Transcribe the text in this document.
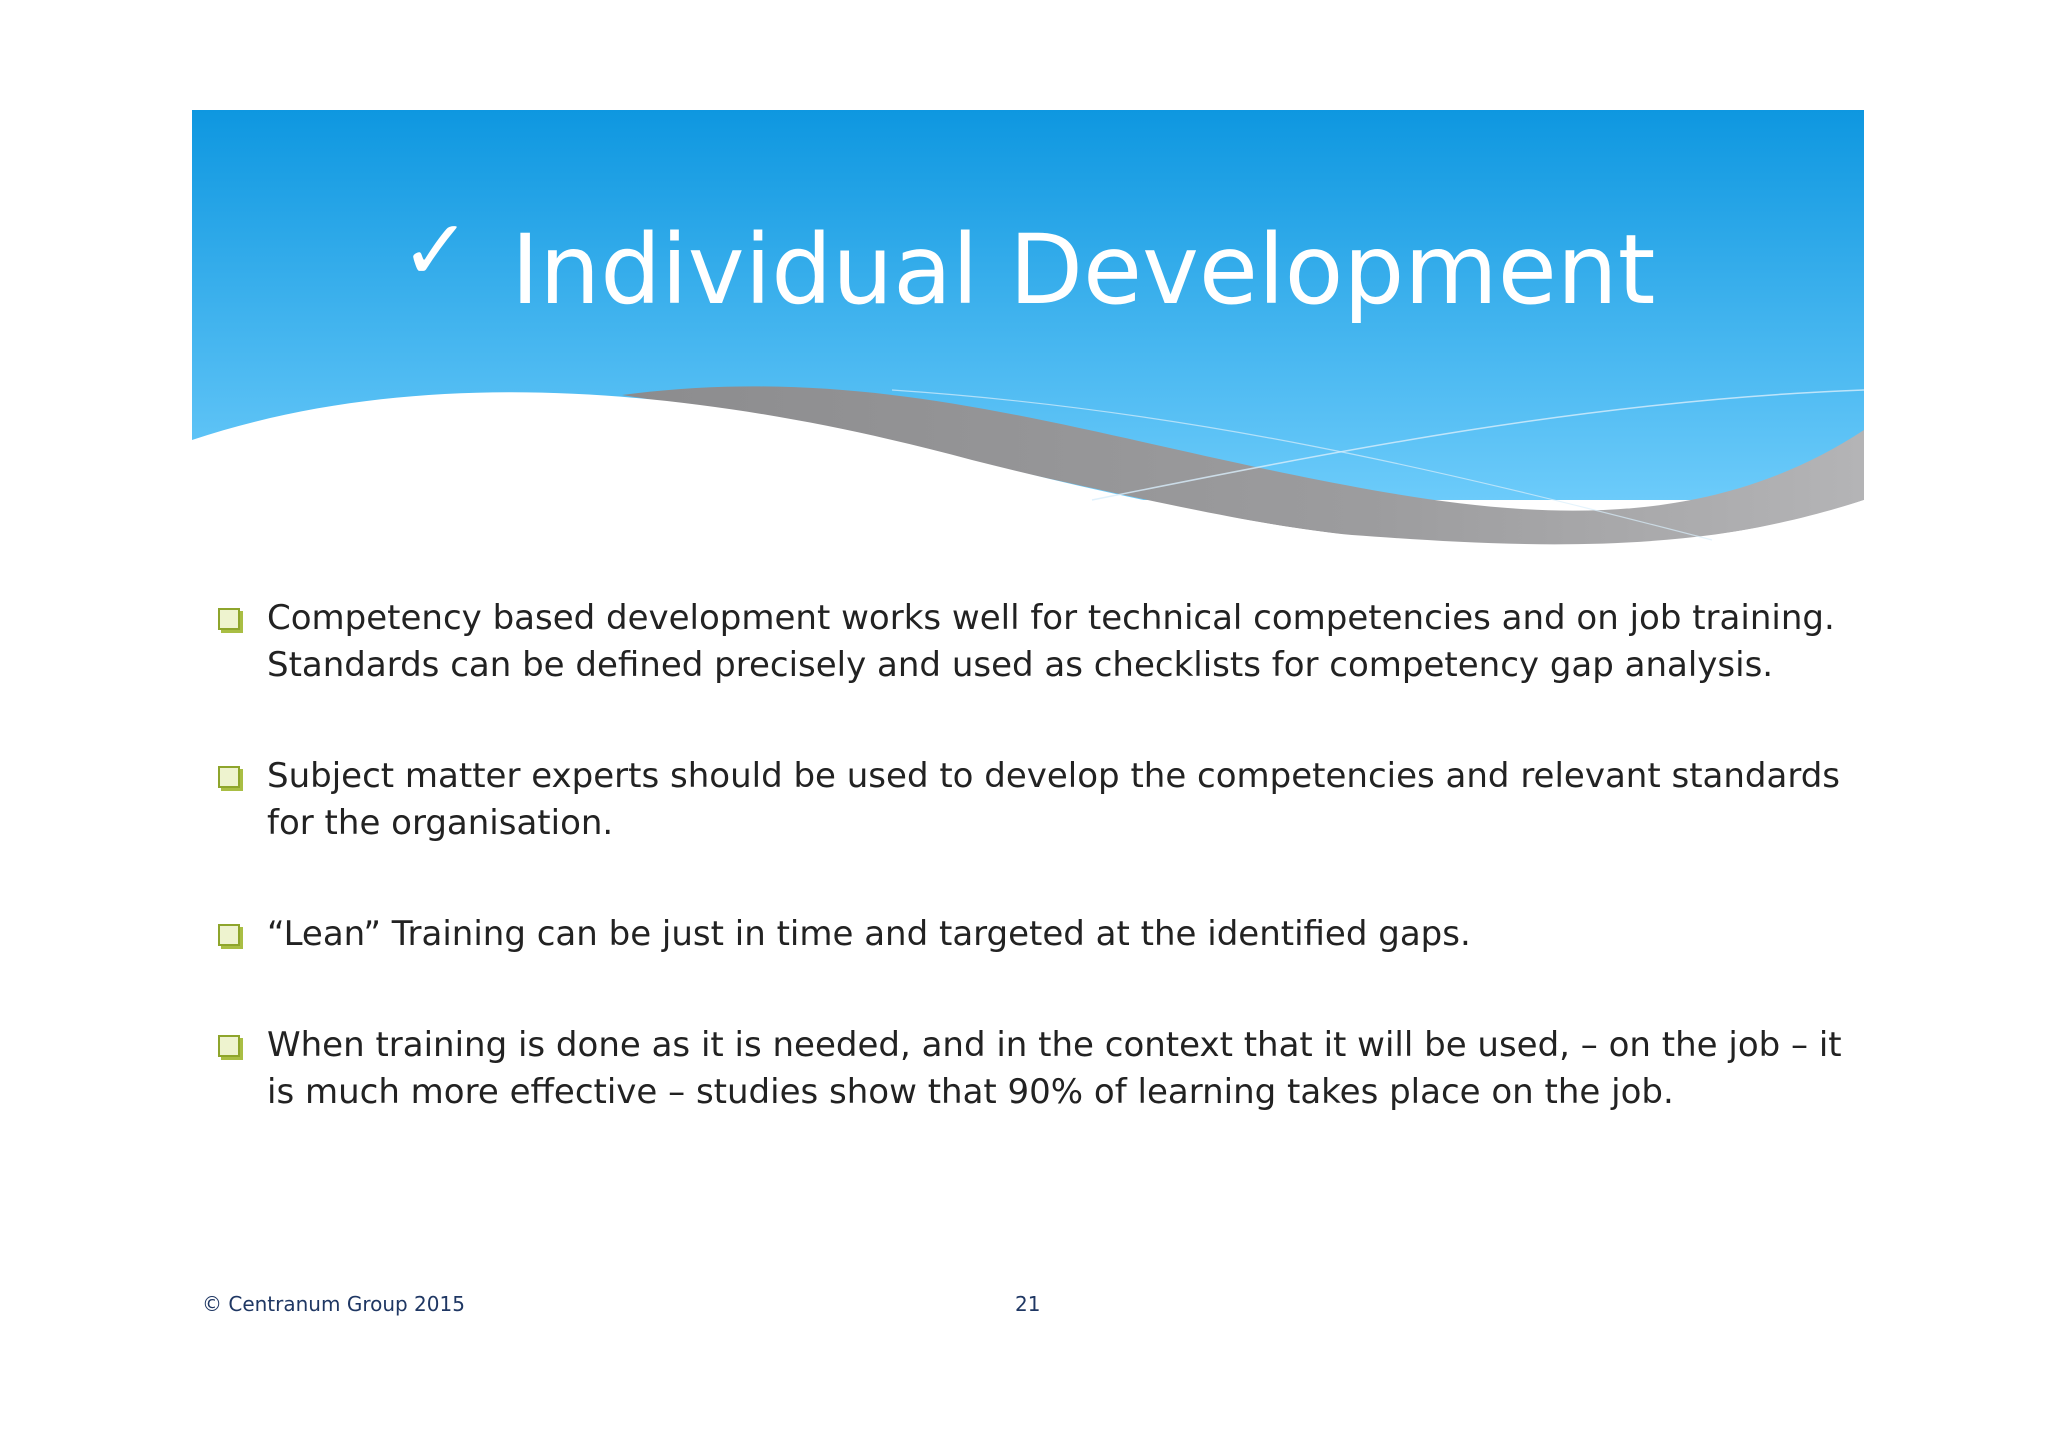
✓ Individual Development
Competency based development works well for technical competencies and on job training. Standards can be defined precisely and used as checklists for competency gap analysis.
Subject matter experts should be used to develop the competencies and relevant standards for the organisation.
“Lean” Training can be just in time and targeted at the identified gaps.
When training is done as it is needed, and in the context that it will be used, – on the job – it is much more effective – studies show that 90% of learning takes place on the job.
© Centranum Group 2015	21
